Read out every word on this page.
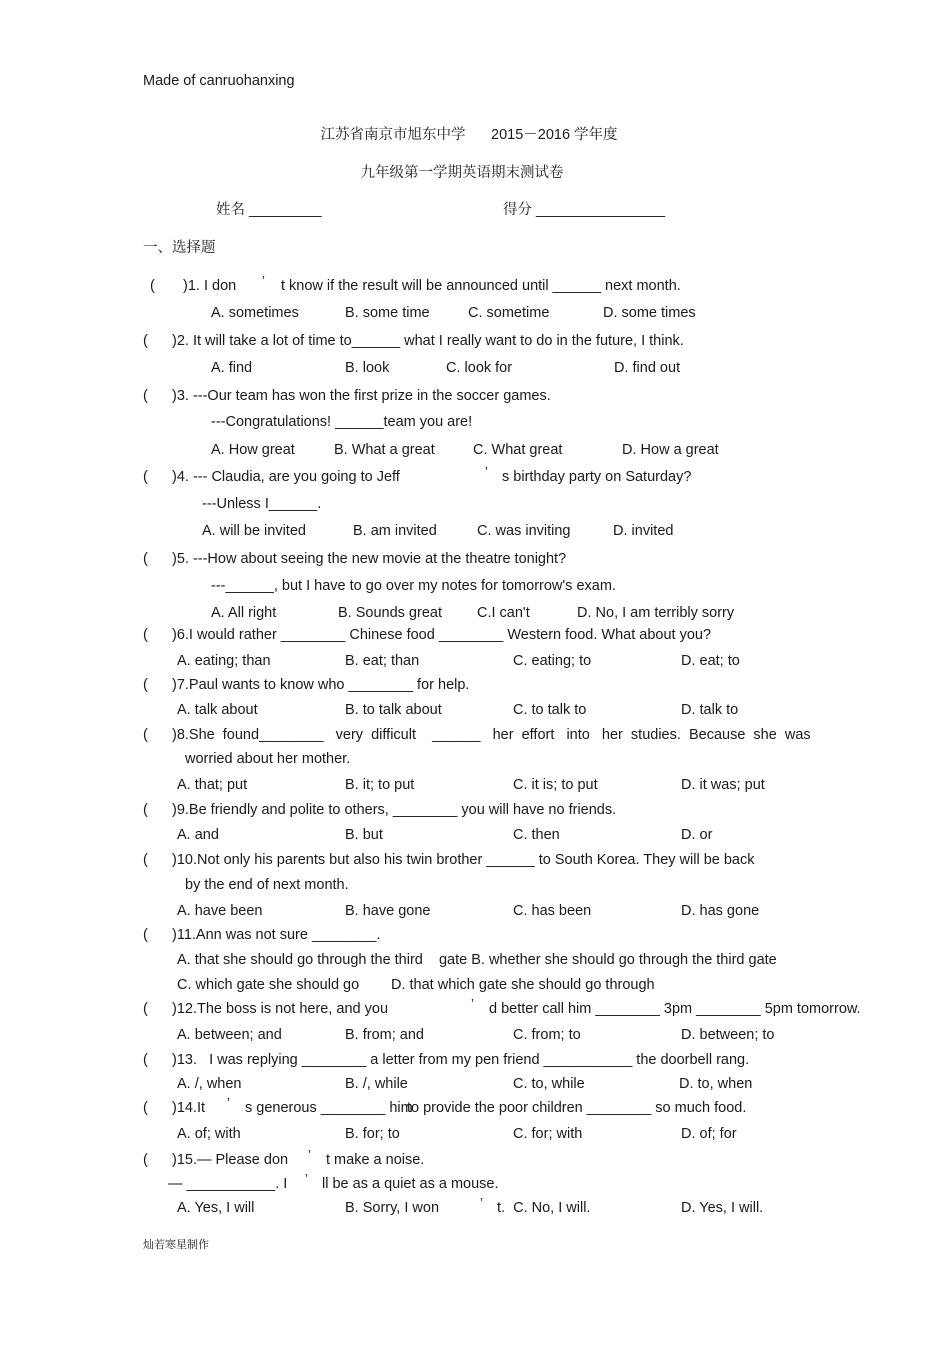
Made of canruohanxing
江苏省南京市旭东中学 2015－2016 学年度
九年级第一学期英语期末测试卷
姓名 _________	得分 ________________
一、选择题
(       )1. I don ’ t know if the result will be announced until ______ next month.
A. sometimes	B. some time	C. sometime	D. some times
(      )2. It will take a lot of time to______ what I really want to do in the future, I think.
A. find	B. look	C. look for	D. find out
(      )3. ---Our team has won the first prize in the soccer games.
---Congratulations! ______team you are!
A. How great	B. What a great	C. What great	D. How a great
(      )4. --- Claudia, are you going to Jeff	’ s birthday party on Saturday?
---Unless I______.
A. will be invited	B. am invited	C. was inviting	D. invited
(      )5. ---How about seeing the new movie at the theatre tonight?
---______, but I have to go over my notes for tomorrow's exam.
A. All right	B. Sounds great C.I can't	D. No, I am terribly sorry
(      )6.I would rather ________ Chinese food ________ Western food. What about you?
A. eating; than	B. eat; than	C. eating; to	D. eat; to
(      )7.Paul wants to know who ________ for help.
A. talk about	B. to talk about	C. to talk to	D. talk to
(      )8.She  found________   very  difficult    ______   her  effort   into   her  studies.  Because  she  was
worried about her mother.
A. that; put	B. it; to put	C. it is; to put	D. it was; put
(      )9.Be friendly and polite to others, ________ you will have no friends.
A. and	B. but	C. then	D. or
(      )10.Not only his parents but also his twin brother ______ to South Korea. They will be back
by the end of next month.
A. have been	B. have gone	C. has been	D. has gone
(      )11.Ann was not sure ________.
A. that she should go through the third    gate B. whether she should go through the third gate
C. which gate she should go D. that which gate she should go through
(      )12.The boss is not here, and you	’ d better call him ________ 3pm ________ 5pm tomorrow.
A. between; and	B. from; and	C. from; to	D. between; to
(      )13.   I was replying ________ a letter from my pen friend ___________ the doorbell rang.
A. /, when	B. /, while	C. to, while	D. to, when
(      )14.It ’ s generous ________ him
to provide the poor children ________ so much food.
A. of; with	B. for; to	C. for; with	D. of; for
(      )15.— Please don ’ t make a noise.
— ___________. I ’ ll be as a quiet as a mouse.
A. Yes, I will	B. Sorry, I won	’ t.  C. No, I will.	D. Yes, I will.
灿若寒星制作
